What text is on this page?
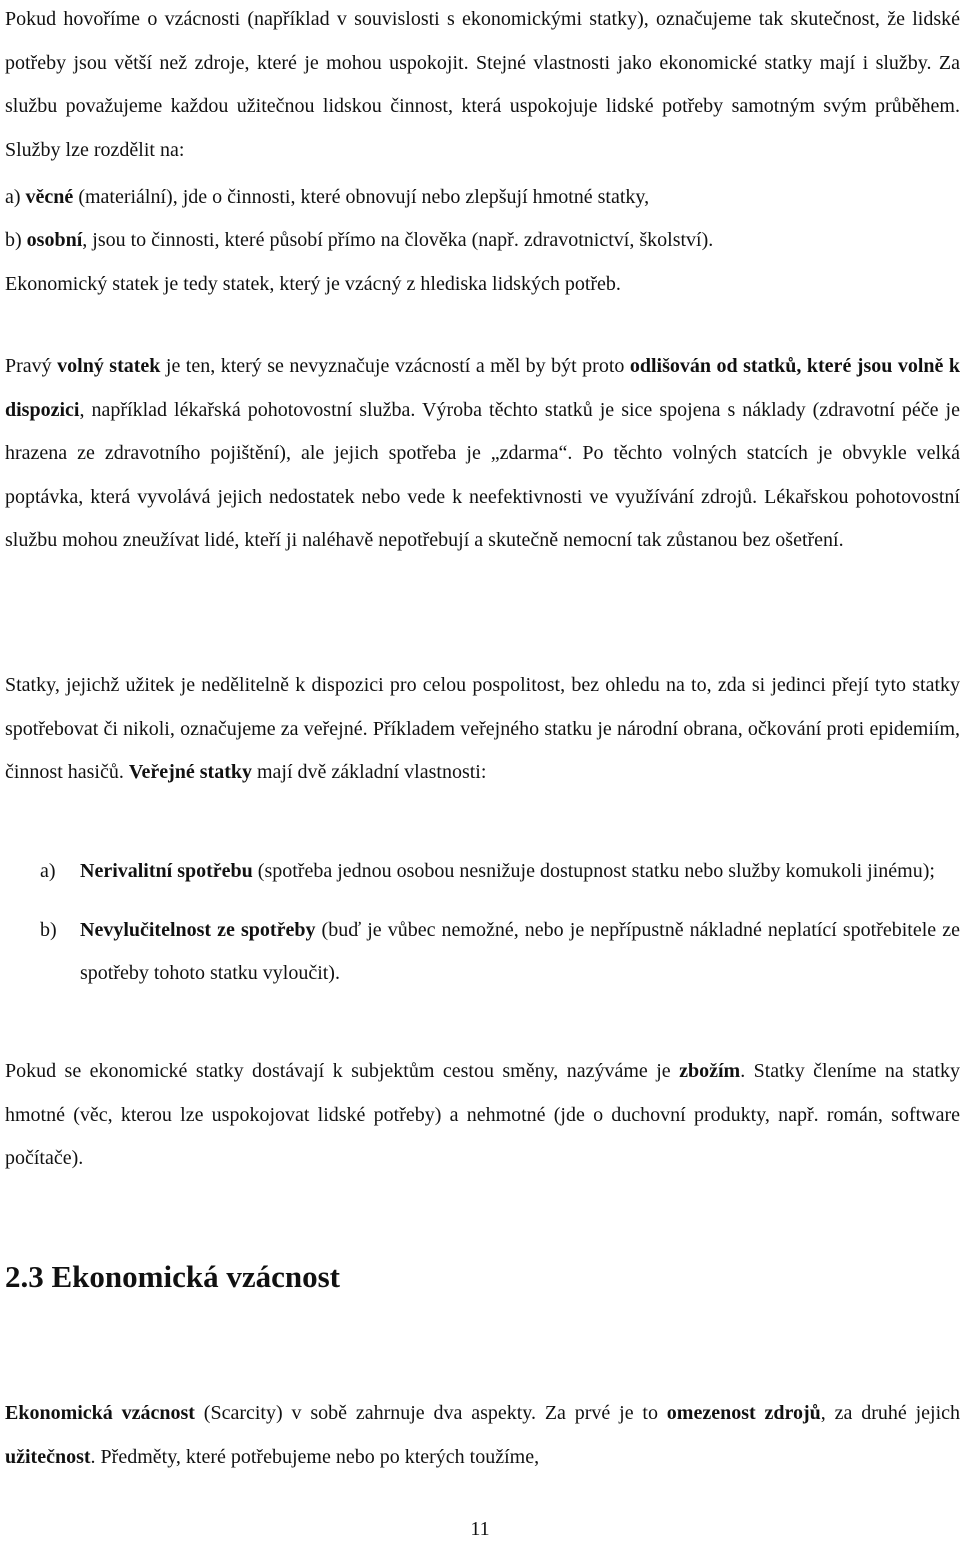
Pokud hovoříme o vzácnosti (například v souvislosti s ekonomickými statky), označujeme tak skutečnost, že lidské potřeby jsou větší než zdroje, které je mohou uspokojit. Stejné vlastnosti jako ekonomické statky mají i služby. Za službu považujeme každou užitečnou lidskou činnost, která uspokojuje lidské potřeby samotným svým průběhem. Služby lze rozdělit na:

a) věcné (materiální), jde o činnosti, které obnovují nebo zlepšují hmotné statky,

b) osobní, jsou to činnosti, které působí přímo na člověka (např. zdravotnictví, školství).

Ekonomický statek je tedy statek, který je vzácný z hlediska lidských potřeb.

Pravý volný statek je ten, který se nevyznačuje vzácností a měl by být proto odlišován od statků, které jsou volně k dispozici, například lékařská pohotovostní služba. Výroba těchto statků je sice spojena s náklady (zdravotní péče je hrazena ze zdravotního pojištění), ale jejich spotřeba je „zdarma“. Po těchto volných statcích je obvykle velká poptávka, která vyvolává jejich nedostatek nebo vede k neefektivnosti ve využívání zdrojů. Lékařskou pohotovostní službu mohou zneužívat lidé, kteří ji naléhavě nepotřebují a skutečně nemocní tak zůstanou bez ošetření.

Statky, jejichž užitek je nedělitelně k dispozici pro celou pospolitost, bez ohledu na to, zda si jedinci přejí tyto statky spotřebovat či nikoli, označujeme za veřejné. Příkladem veřejného statku je národní obrana, očkování proti epidemiím, činnost hasičů. Veřejné statky mají dvě základní vlastnosti:

a) Nerivalitní spotřebu (spotřeba jednou osobou nesnižuje dostupnost statku nebo služby komukoli jinému);
b) Nevylučitelnost ze spotřeby (buď je vůbec nemožné, nebo je nepřípustně nákladné neplatící spotřebitele ze spotřeby tohoto statku vyloučit).

Pokud se ekonomické statky dostávají k subjektům cestou směny, nazýváme je zbožím. Statky členíme na statky hmotné (věc, kterou lze uspokojovat lidské potřeby) a nehmotné (jde o duchovní produkty, např. román, software počítače).

2.3 Ekonomická vzácnost

Ekonomická vzácnost (Scarcity) v sobě zahrnuje dva aspekty. Za prvé je to omezenost zdrojů, za druhé jejich užitečnost. Předměty, které potřebujeme nebo po kterých toužíme,

11
